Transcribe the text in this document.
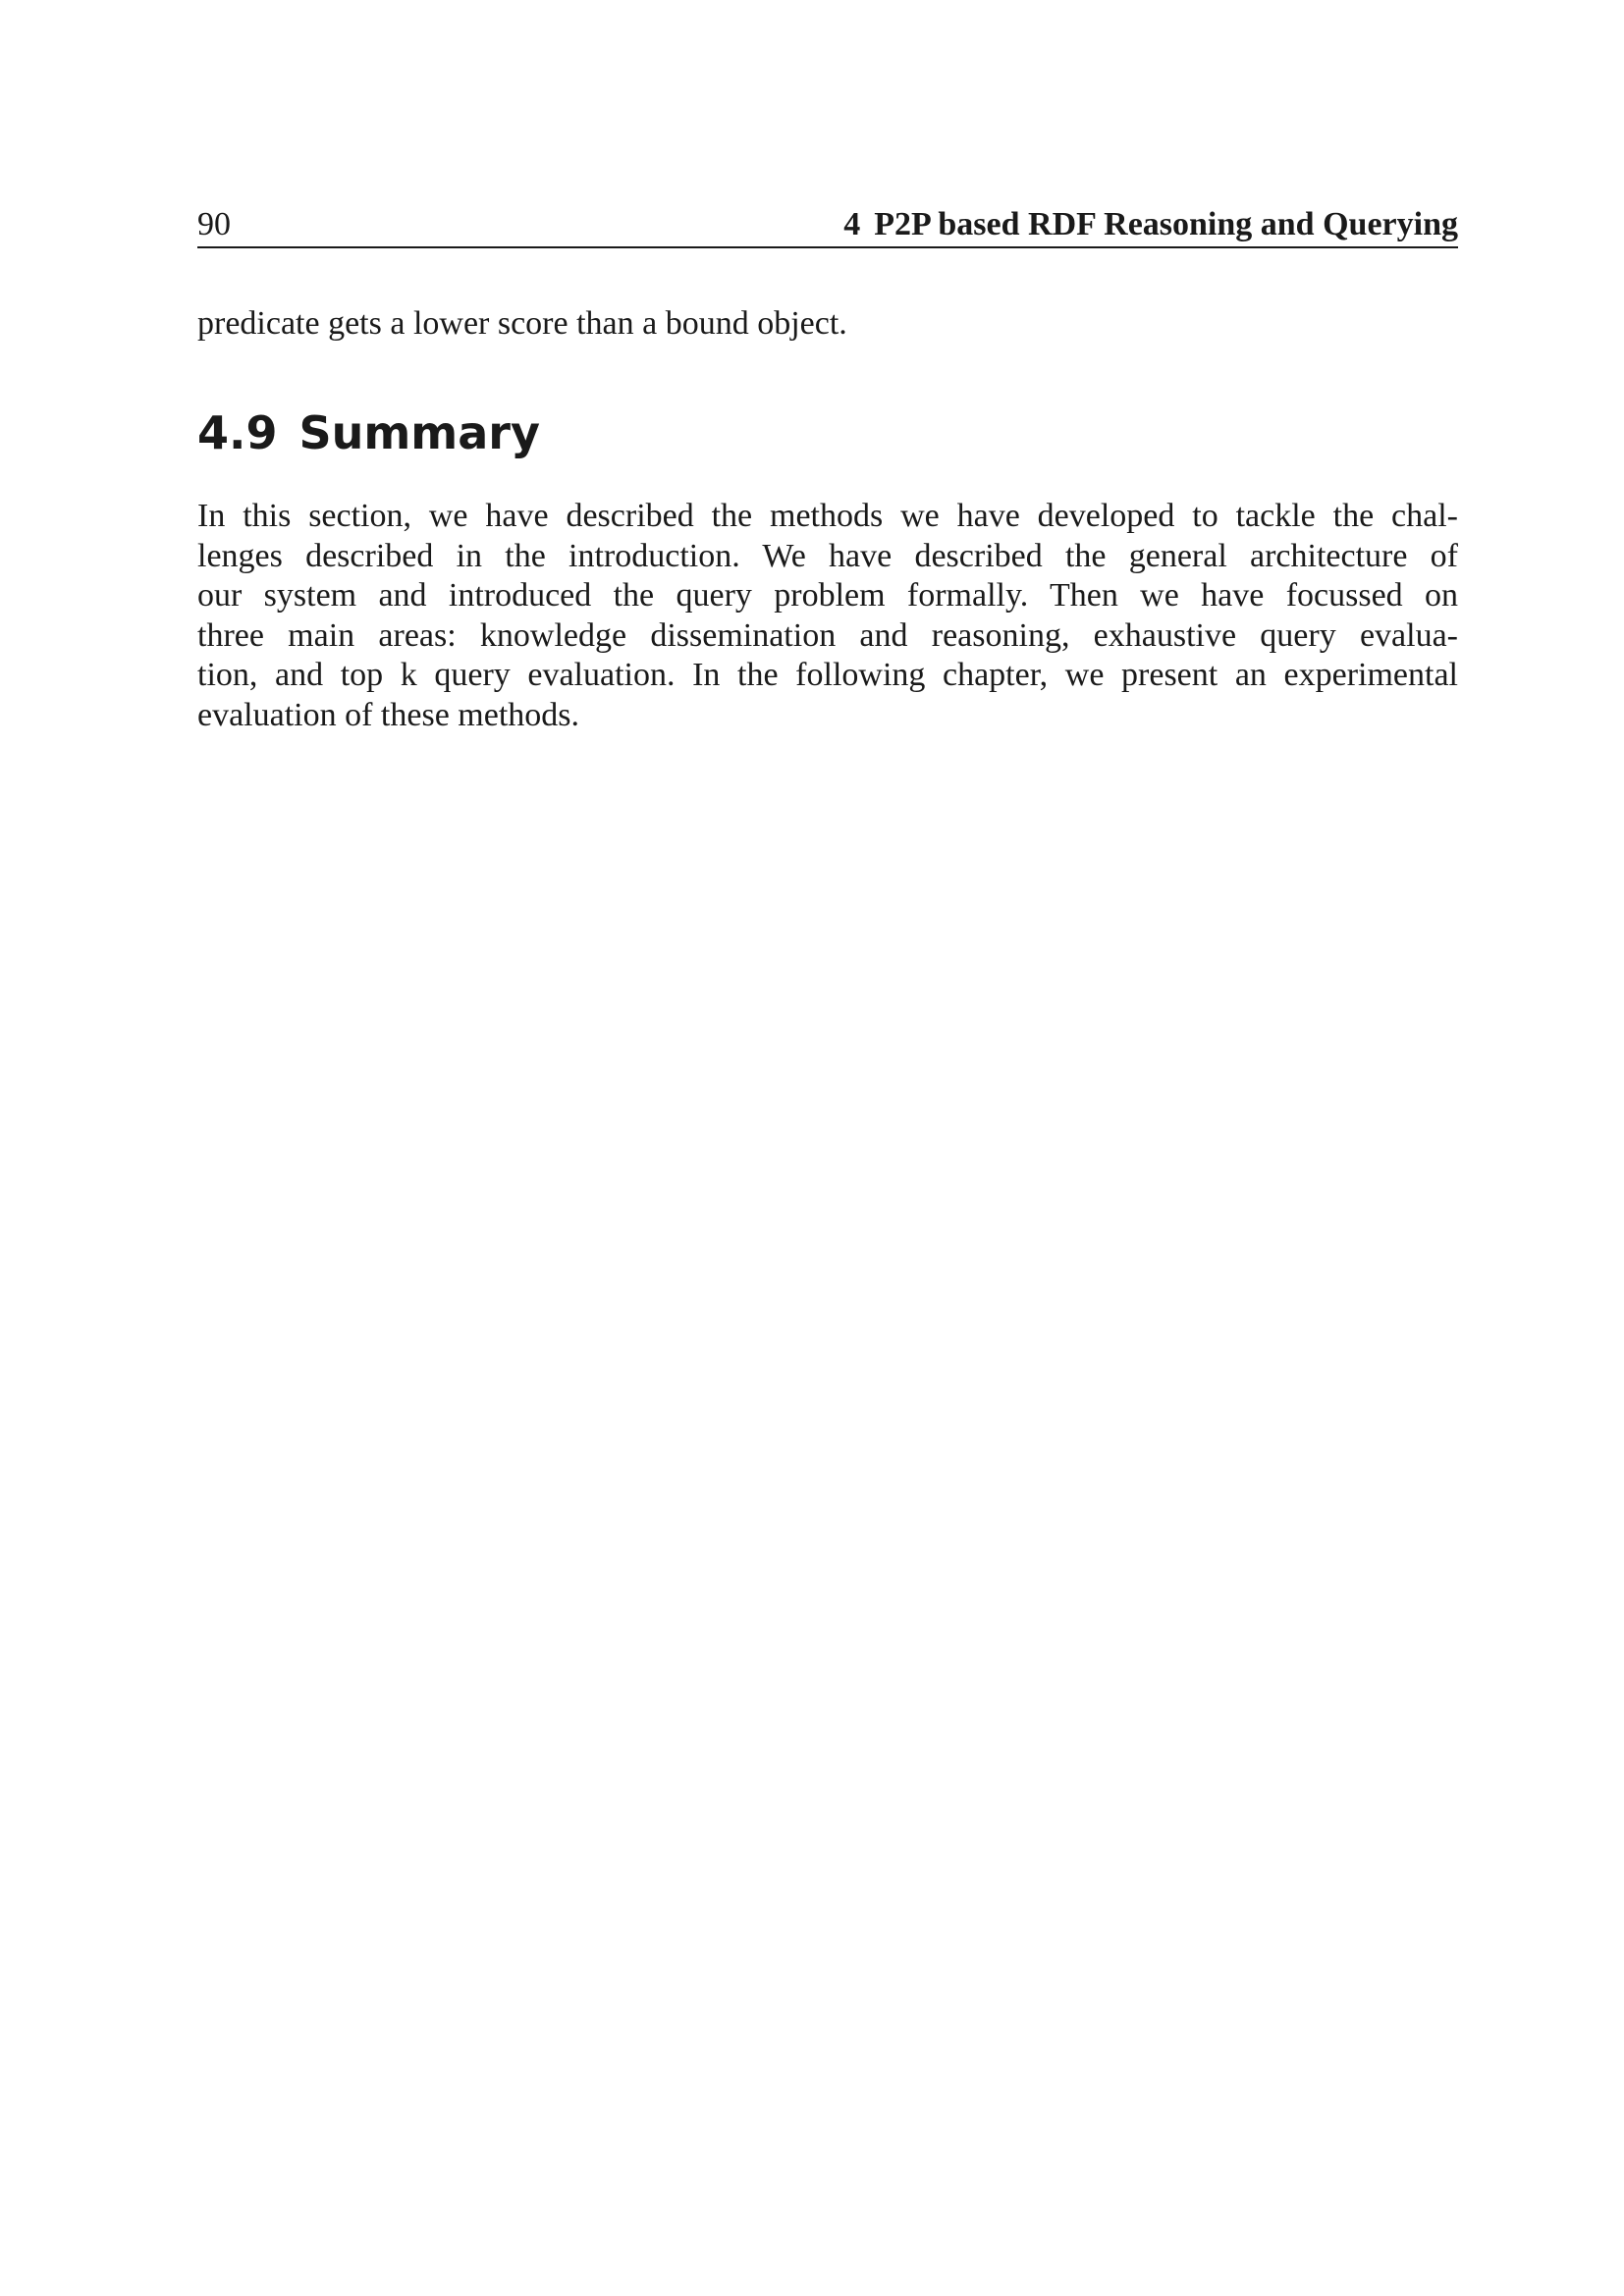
90	4 P2P based RDF Reasoning and Querying

predicate gets a lower score than a bound object.

4.9 Summary

In this section, we have described the methods we have developed to tackle the chal-
lenges described in the introduction. We have described the general architecture of
our system and introduced the query problem formally. Then we have focussed on
three main areas: knowledge dissemination and reasoning, exhaustive query evalua-
tion, and top k query evaluation. In the following chapter, we present an experimental
evaluation of these methods.
